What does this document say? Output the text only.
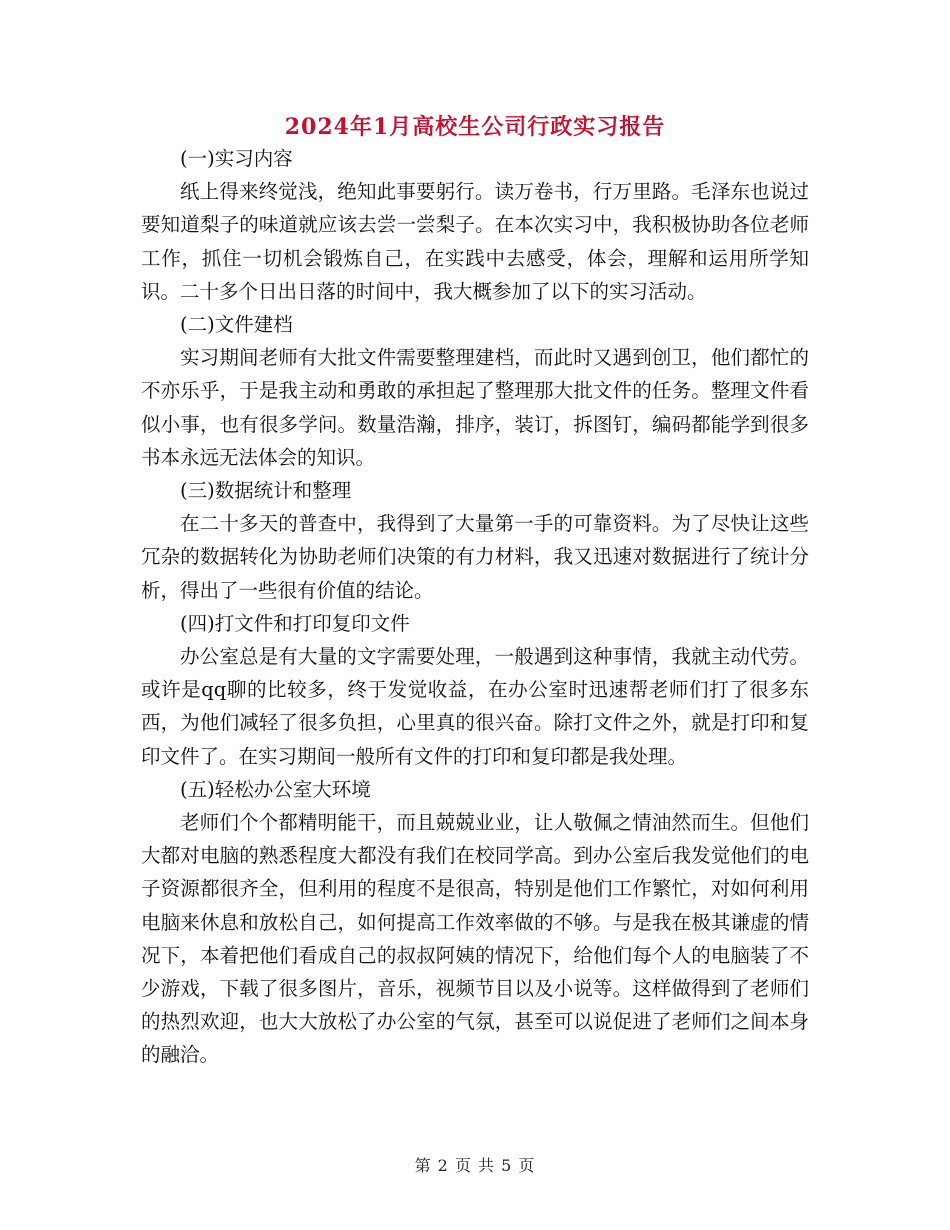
2024年1月高校生公司行政实习报告

(一)实习内容

纸上得来终觉浅，绝知此事要躬行。读万卷书，行万里路。毛泽东也说过要知道梨子的味道就应该去尝一尝梨子。在本次实习中，我积极协助各位老师工作，抓住一切机会锻炼自己，在实践中去感受，体会，理解和运用所学知识。二十多个日出日落的时间中，我大概参加了以下的实习活动。

(二)文件建档

实习期间老师有大批文件需要整理建档，而此时又遇到创卫，他们都忙的不亦乐乎，于是我主动和勇敢的承担起了整理那大批文件的任务。整理文件看似小事，也有很多学问。数量浩瀚，排序，装订，拆图钉，编码都能学到很多书本永远无法体会的知识。

(三)数据统计和整理

在二十多天的普查中，我得到了大量第一手的可靠资料。为了尽快让这些冗杂的数据转化为协助老师们决策的有力材料，我又迅速对数据进行了统计分析，得出了一些很有价值的结论。

(四)打文件和打印复印文件

办公室总是有大量的文字需要处理，一般遇到这种事情，我就主动代劳。或许是qq聊的比较多，终于发觉收益，在办公室时迅速帮老师们打了很多东西，为他们减轻了很多负担，心里真的很兴奋。除打文件之外，就是打印和复印文件了。在实习期间一般所有文件的打印和复印都是我处理。

(五)轻松办公室大环境

老师们个个都精明能干，而且兢兢业业，让人敬佩之情油然而生。但他们大都对电脑的熟悉程度大都没有我们在校同学高。到办公室后我发觉他们的电子资源都很齐全，但利用的程度不是很高，特别是他们工作繁忙，对如何利用电脑来休息和放松自己，如何提高工作效率做的不够。与是我在极其谦虚的情况下，本着把他们看成自己的叔叔阿姨的情况下，给他们每个人的电脑装了不少游戏，下载了很多图片，音乐，视频节目以及小说等。这样做得到了老师们的热烈欢迎，也大大放松了办公室的气氛，甚至可以说促进了老师们之间本身的融洽。

第 2 页 共 5 页
